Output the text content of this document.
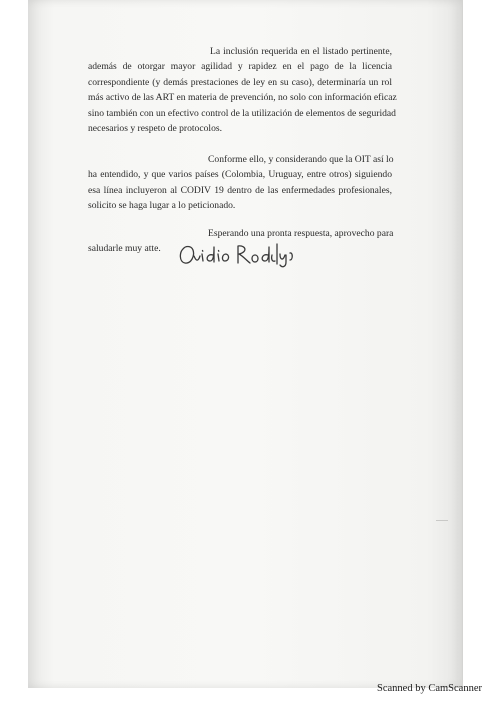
La inclusión requerida en el listado pertinente,
además de otorgar mayor agilidad y rapidez en el pago de la licencia
correspondiente (y demás prestaciones de ley en su caso), determinaría un rol
más activo de las ART en materia de prevención, no solo con información eficaz
sino también con un efectivo control de la utilización de elementos de seguridad
necesarios y respeto de protocolos.
Conforme ello, y considerando que la OIT así lo
ha entendido, y que varios países (Colombia, Uruguay, entre otros) siguiendo
esa línea incluyeron al CODIV 19 dentro de las enfermedades profesionales,
solicito se haga lugar a lo peticionado.
Esperando una pronta respuesta, aprovecho para
saludarle muy atte.
Scanned by CamScanner
